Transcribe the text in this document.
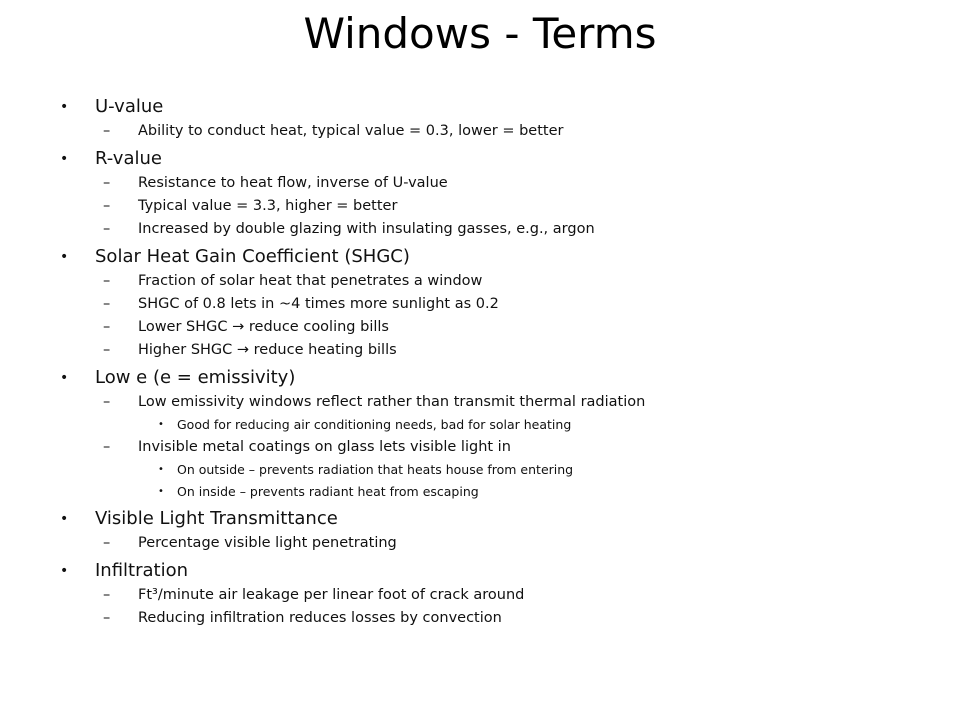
Windows - Terms
• U-value
– Ability to conduct heat, typical value = 0.3, lower = better
• R-value
– Resistance to heat flow, inverse of U-value
– Typical value = 3.3, higher = better
– Increased by double glazing with insulating gasses, e.g., argon
• Solar Heat Gain Coefficient (SHGC)
– Fraction of solar heat that penetrates a window
– SHGC of 0.8 lets in ~4 times more sunlight as 0.2
– Lower SHGC → reduce cooling bills
– Higher SHGC → reduce heating bills
• Low e (e = emissivity)
– Low emissivity windows reflect rather than transmit thermal radiation
• Good for reducing air conditioning needs, bad for solar heating
– Invisible metal coatings on glass lets visible light in
• On outside – prevents radiation that heats house from entering
• On inside – prevents radiant heat from escaping
• Visible Light Transmittance
– Percentage visible light penetrating
• Infiltration
– Ft³/minute air leakage per linear foot of crack around
– Reducing infiltration reduces losses by convection
